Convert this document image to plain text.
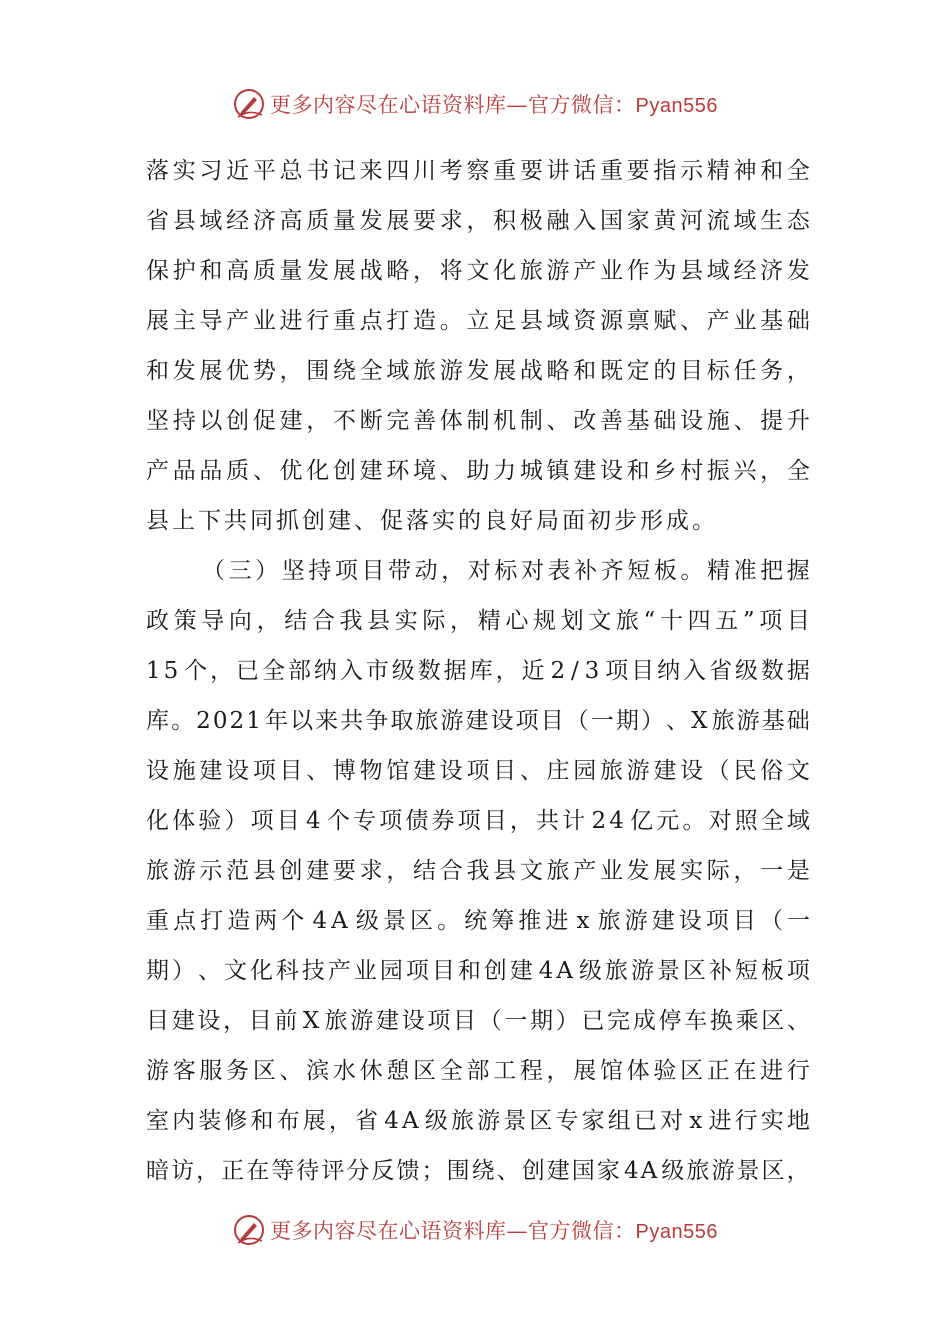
更多内容尽在心语资料库—官方微信：Pyan556
落 实 习 近 平 总 书 记 来 四 川 考 察 重 要 讲 话 重 要 指 示 精 神 和 全
省 县 域 经 济 高 质 量 发 展 要 求 ， 积 极 融 入 国 家 黄 河 流 域 生 态
保 护 和 高 质 量 发 展 战 略 ， 将 文 化 旅 游 产 业 作 为 县 域 经 济 发
展 主 导 产 业 进 行 重 点 打 造 。 立 足 县 域 资 源 禀 赋 、 产 业 基 础
和 发 展 优 势 ， 围 绕 全 域 旅 游 发 展 战 略 和 既 定 的 目 标 任 务 ，
坚 持 以 创 促 建 ， 不 断 完 善 体 制 机 制 、 改 善 基 础 设 施 、 提 升
产 品 品 质 、 优 化 创 建 环 境 、 助 力 城 镇 建 设 和 乡 村 振 兴 ， 全
县上下共同抓创建、促落实的良好局面初步形成。
（ 三 ） 坚 持 项 目 带 动 ， 对 标 对 表 补 齐 短 板 。 精 准 把 握
政 策 导 向 ， 结 合 我 县 实 际 ， 精 心 规 划 文 旅 “ 十 四 五 ” 项 目
1 5 个 ， 已 全 部 纳 入 市 级 数 据 库 ， 近 2 / 3 项 目 纳 入 省 级 数 据
库 。 2 0 2 1 年 以 来 共 争 取 旅 游 建 设 项 目 （ 一 期 ） 、 X 旅 游 基 础
设 施 建 设 项 目 、 博 物 馆 建 设 项 目 、 庄 园 旅 游 建 设 （ 民 俗 文
化 体 验 ） 项 目 4 个 专 项 债 券 项 目 ， 共 计 2 4 亿 元 。 对 照 全 域
旅 游 示 范 县 创 建 要 求 ， 结 合 我 县 文 旅 产 业 发 展 实 际 ， 一 是
重 点 打 造 两 个 4 A 级 景 区 。 统 筹 推 进 x 旅 游 建 设 项 目 （ 一
期 ） 、 文 化 科 技 产 业 园 项 目 和 创 建 4 A 级 旅 游 景 区 补 短 板 项
目 建 设 ， 目 前 X 旅 游 建 设 项 目 （ 一 期 ） 已 完 成 停 车 换 乘 区 、
游 客 服 务 区 、 滨 水 休 憩 区 全 部 工 程 ， 展 馆 体 验 区 正 在 进 行
室 内 装 修 和 布 展 ， 省 4 A 级 旅 游 景 区 专 家 组 已 对 x 进 行 实 地
暗 访 ， 正 在 等 待 评 分 反 馈 ； 围 绕 、 创 建 国 家 4 A 级 旅 游 景 区 ，
更多内容尽在心语资料库—官方微信：Pyan556
